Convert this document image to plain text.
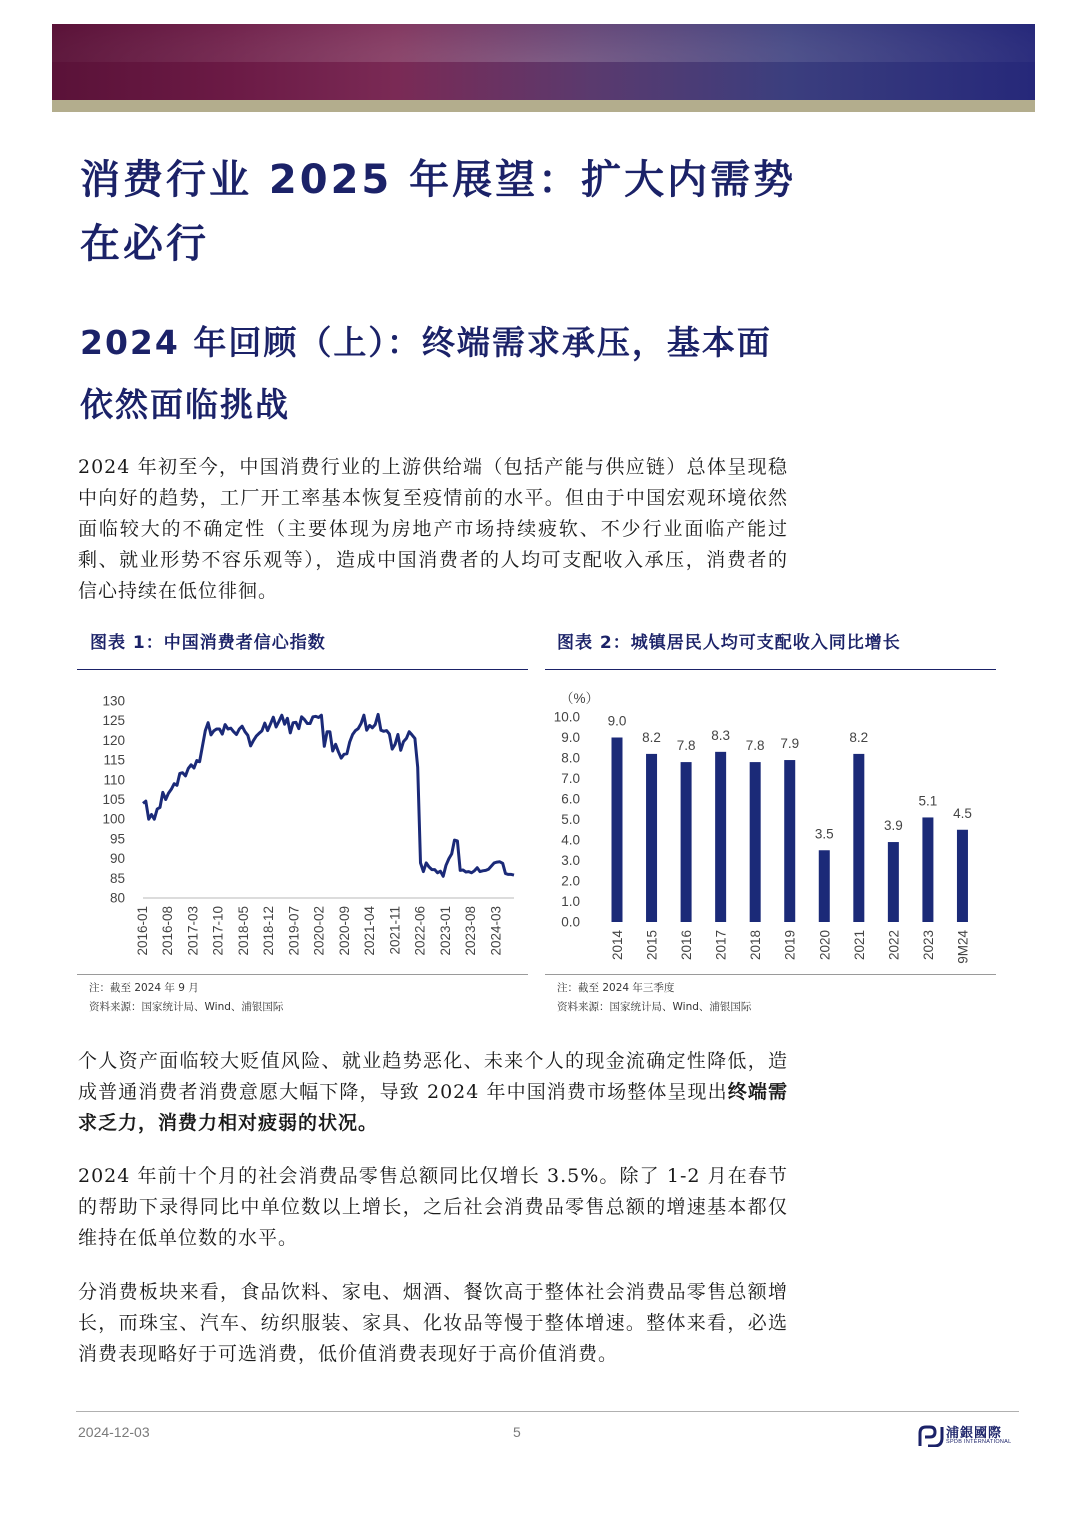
消费行业 2025 年展望：扩大内需势在必行
2024 年回顾（上）：终端需求承压，基本面依然面临挑战
2024 年初至今，中国消费行业的上游供给端（包括产能与供应链）总体呈现稳中向好的趋势，工厂开工率基本恢复至疫情前的水平。但由于中国宏观环境依然面临较大的不确定性（主要体现为房地产市场持续疲软、不少行业面临产能过剩、就业形势不容乐观等），造成中国消费者的人均可支配收入承压，消费者的信心持续在低位徘徊。
图表 1：中国消费者信心指数
80
85
90
95
100
105
110
115
120
125
130
2016-01 2016-08 2017-03 2017-10 2018-05 2018-12 2019-07 2020-02 2020-09 2021-04 2021-11 2022-06 2023-01 2023-08 2024-03
注：截至 2024 年 9 月
资料来源：国家统计局、Wind、浦银国际
图表 2：城镇居民人均可支配收入同比增长
（%）
0.0
1.0
2.0
3.0
4.0
5.0
6.0
7.0
8.0
9.0
10.0 9.0
2014
8.2
2015
7.8
2016
8.3
2017
7.8
2018
7.9
2019
3.5
2020
8.2
2021
3.9
2022
5.1
2023
4.5
9M24
注：截至 2024 年三季度
资料来源：国家统计局、Wind、浦银国际
个人资产面临较大贬值风险、就业趋势恶化、未来个人的现金流确定性降低，造成普通消费者消费意愿大幅下降，导致 2024 年中国消费市场整体呈现出终端需求乏力，消费力相对疲弱的状况。
2024 年前十个月的社会消费品零售总额同比仅增长 3.5%。除了 1-2 月在春节的帮助下录得同比中单位数以上增长，之后社会消费品零售总额的增速基本都仅维持在低单位数的水平。
分消费板块来看，食品饮料、家电、烟酒、餐饮高于整体社会消费品零售总额增长，而珠宝、汽车、纺织服装、家具、化妆品等慢于整体增速。整体来看，必选消费表现略好于可选消费，低价值消费表现好于高价值消费。
2024-12-03	5	浦銀國際
SPDB INTERNATIONAL
